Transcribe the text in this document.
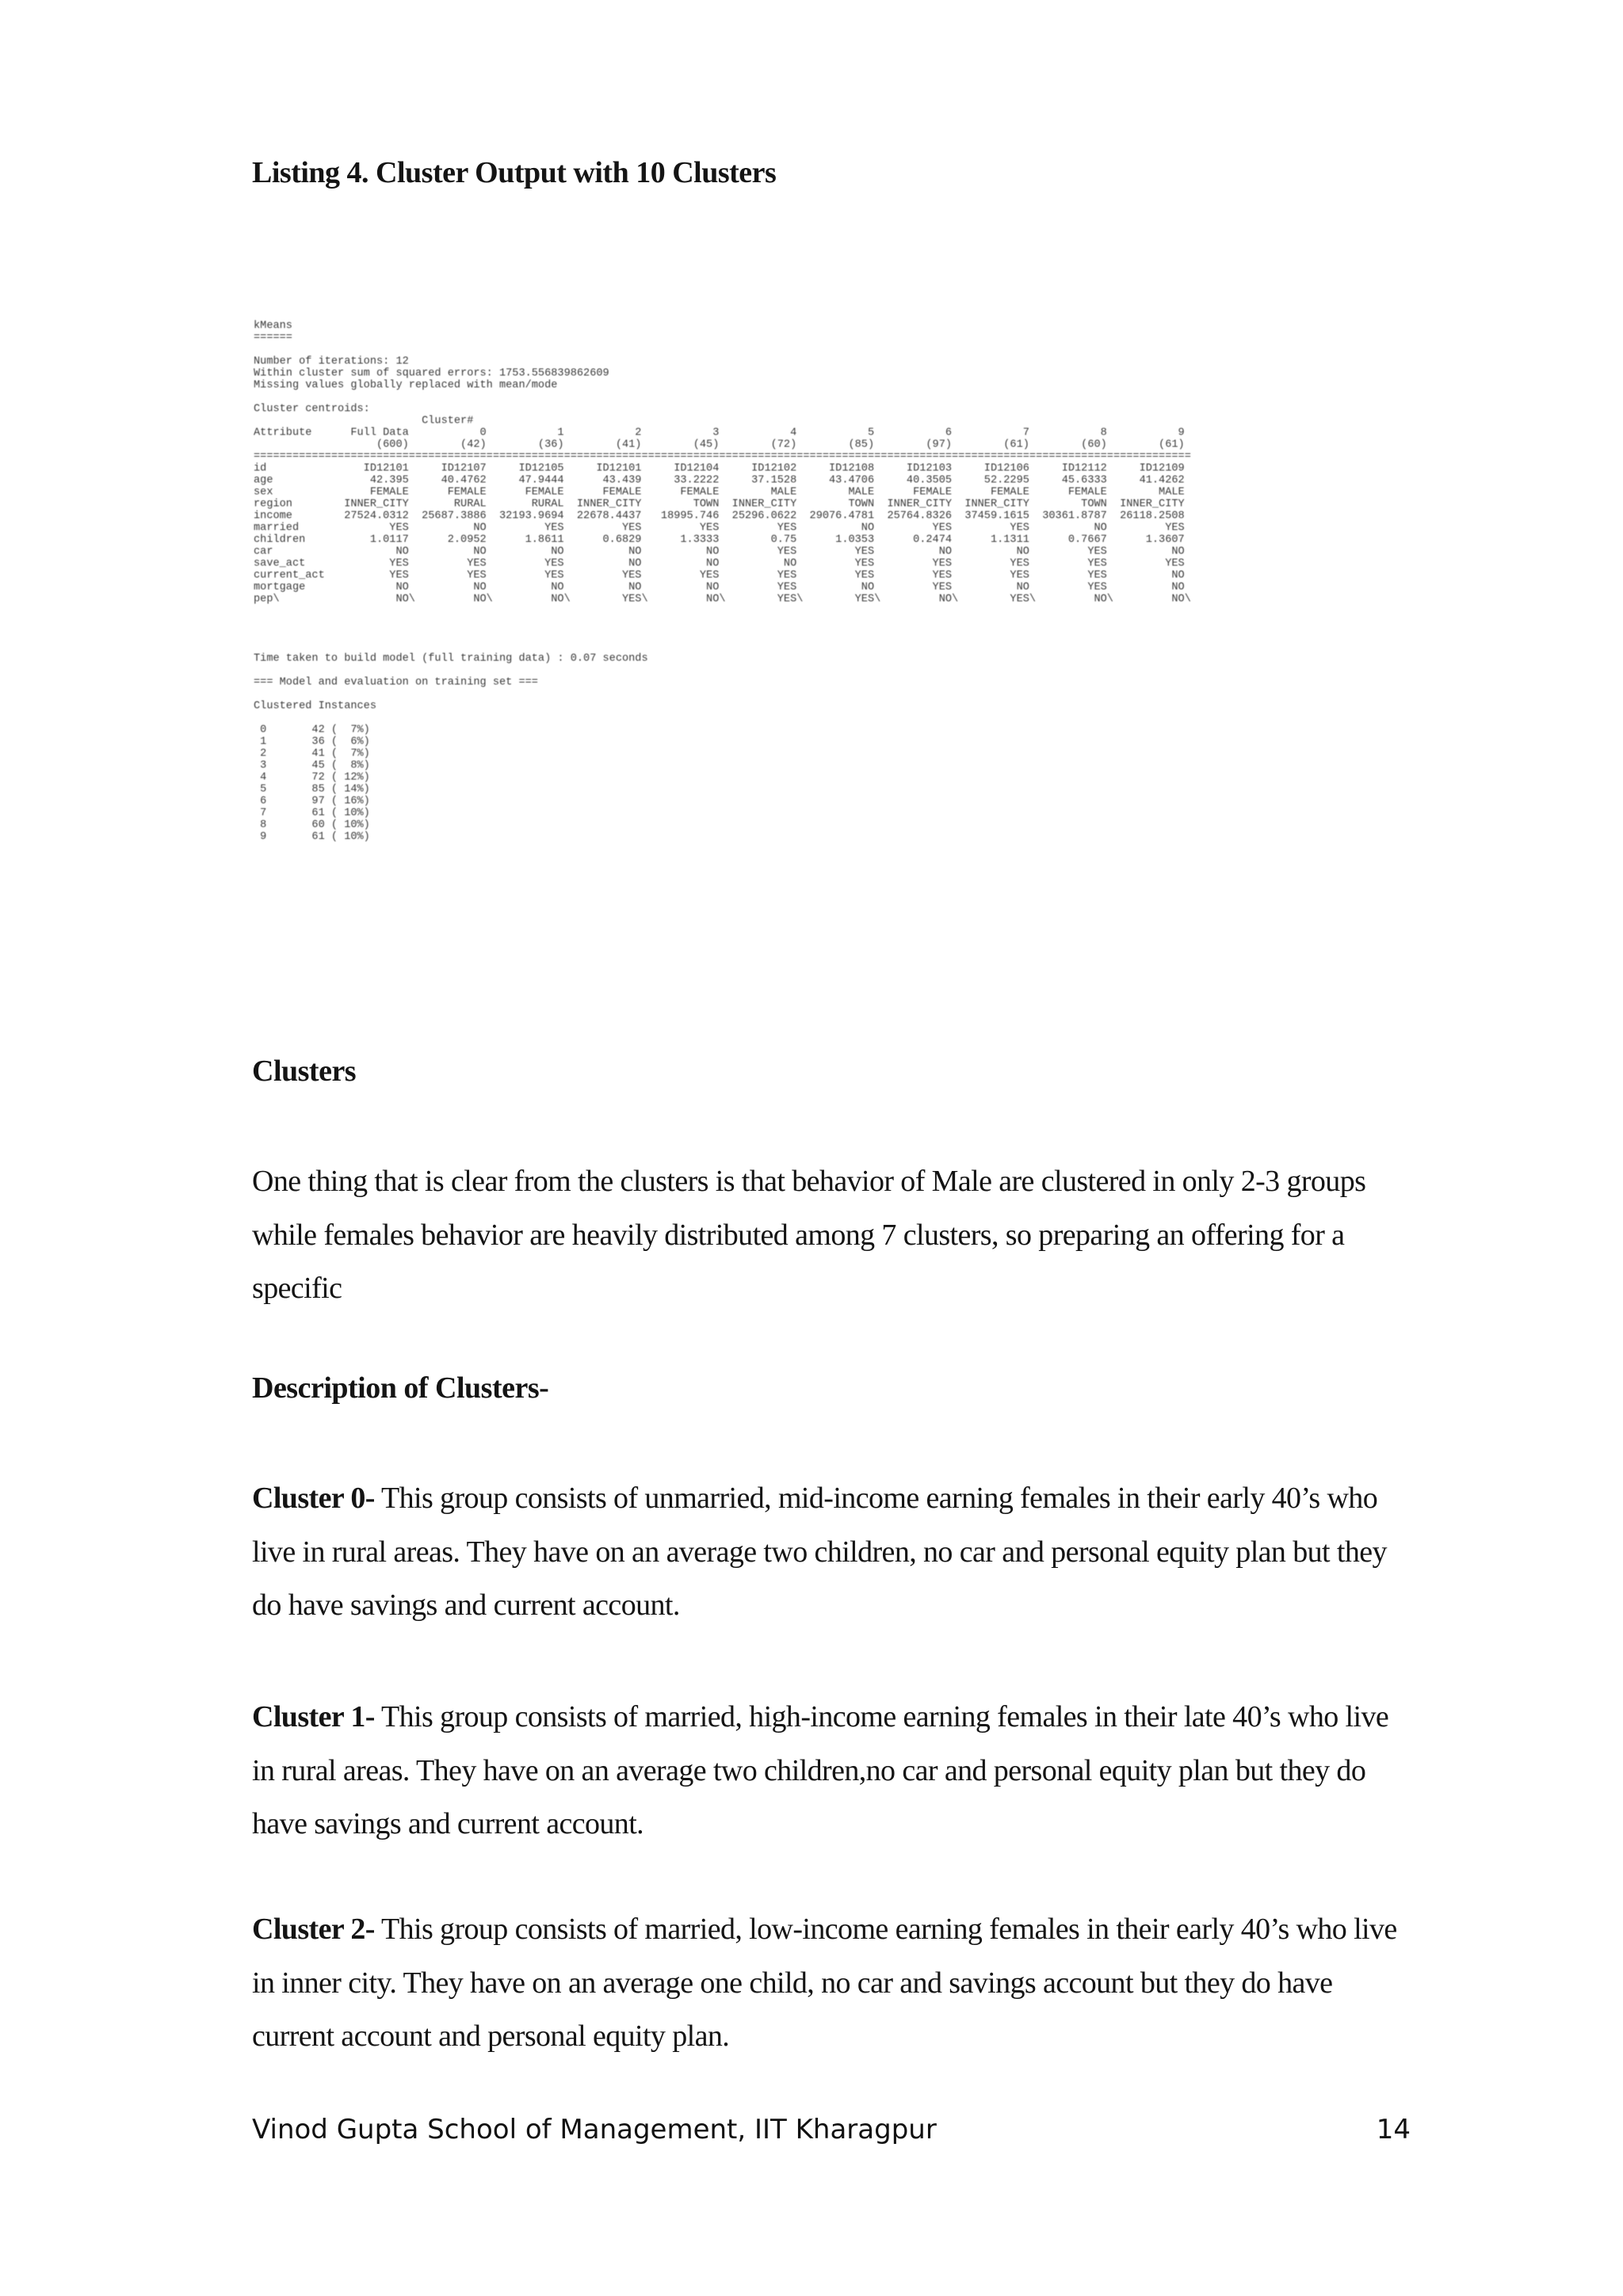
Listing 4. Cluster Output with 10 Clusters
kMeans
======

Number of iterations: 12
Within cluster sum of squared errors: 1753.556839862609
Missing values globally replaced with mean/mode

Cluster centroids:
Cluster#
Attribute      Full Data           0           1           2           3           4           5           6           7           8           9
(600)        (42)        (36)        (41)        (45)        (72)        (85)        (97)        (61)        (60)        (61)
=================================================================================================================================================
id               ID12101     ID12107     ID12105     ID12101     ID12104     ID12102     ID12108     ID12103     ID12106     ID12112     ID12109
age               42.395     40.4762     47.9444      43.439     33.2222     37.1528     43.4706     40.3505     52.2295     45.6333     41.4262
sex               FEMALE      FEMALE      FEMALE      FEMALE      FEMALE        MALE        MALE      FEMALE      FEMALE      FEMALE        MALE
region        INNER_CITY       RURAL       RURAL  INNER_CITY        TOWN  INNER_CITY        TOWN  INNER_CITY  INNER_CITY        TOWN  INNER_CITY
income        27524.0312  25687.3886  32193.9694  22678.4437   18995.746  25296.0622  29076.4781  25764.8326  37459.1615  30361.8787  26118.2508
married              YES          NO         YES         YES         YES         YES          NO         YES         YES          NO         YES
children          1.0117      2.0952      1.8611      0.6829      1.3333        0.75      1.0353      0.2474      1.1311      0.7667      1.3607
car                   NO          NO          NO          NO          NO         YES         YES          NO          NO         YES          NO
save_act             YES         YES         YES          NO          NO          NO         YES         YES         YES         YES         YES
current_act          YES         YES         YES         YES         YES         YES         YES         YES         YES         YES          NO
mortgage              NO          NO          NO          NO          NO         YES          NO         YES          NO         YES          NO
pep\                  NO\         NO\         NO\        YES\         NO\        YES\        YES\         NO\        YES\         NO\         NO\

Time taken to build model (full training data) : 0.07 seconds

=== Model and evaluation on training set ===

Clustered Instances

0       42 (  7%)
1       36 (  6%)
2       41 (  7%)
3       45 (  8%)
4       72 ( 12%)
5       85 ( 14%)
6       97 ( 16%)
7       61 ( 10%)
8       60 ( 10%)
9       61 ( 10%)
Clusters
One thing that is clear from the clusters is that behavior of Male are clustered in only 2-3 groups while females behavior are heavily distributed among 7 clusters, so preparing an offering for a specific
Description of Clusters-
Cluster 0- This group consists of unmarried, mid-income earning females in their early 40’s who live in rural areas. They have on an average two children, no car and personal equity plan but they do have savings and current account.
Cluster 1- This group consists of married, high-income earning females in their late 40’s who live in rural areas. They have on an average two children,no car and personal equity plan but they do have savings and current account.
Cluster 2- This group consists of married, low-income earning females in their early 40’s who live in inner city. They have on an average one child, no car and savings account but they do have current account and personal equity plan.
Vinod Gupta School of Management, IIT Kharagpur	14
